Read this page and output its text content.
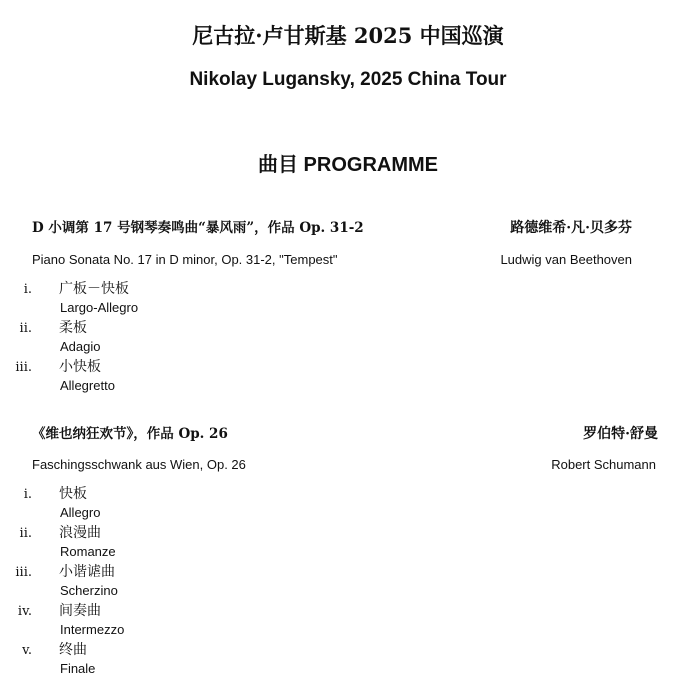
尼古拉·卢甘斯基 2025 中国巡演
Nikolay Lugansky, 2025 China Tour
曲目 PROGRAMME
D 小调第 17 号钢琴奏鸣曲“暴风雨”，作品 Op. 31-2	路德维希·凡·贝多芬
Piano Sonata No. 17 in D minor, Op. 31-2, "Tempest"	Ludwig van Beethoven
i. 广板－快板
Largo-Allegro
ii. 柔板
Adagio
iii. 小快板
Allegretto
《维也纳狂欢节》，作品 Op. 26	罗伯特·舒曼
Faschingsschwank aus Wien, Op. 26	Robert Schumann
i. 快板
Allegro
ii. 浪漫曲
Romanze
iii. 小谐谑曲
Scherzino
iv. 间奏曲
Intermezzo
v. 终曲
Finale
